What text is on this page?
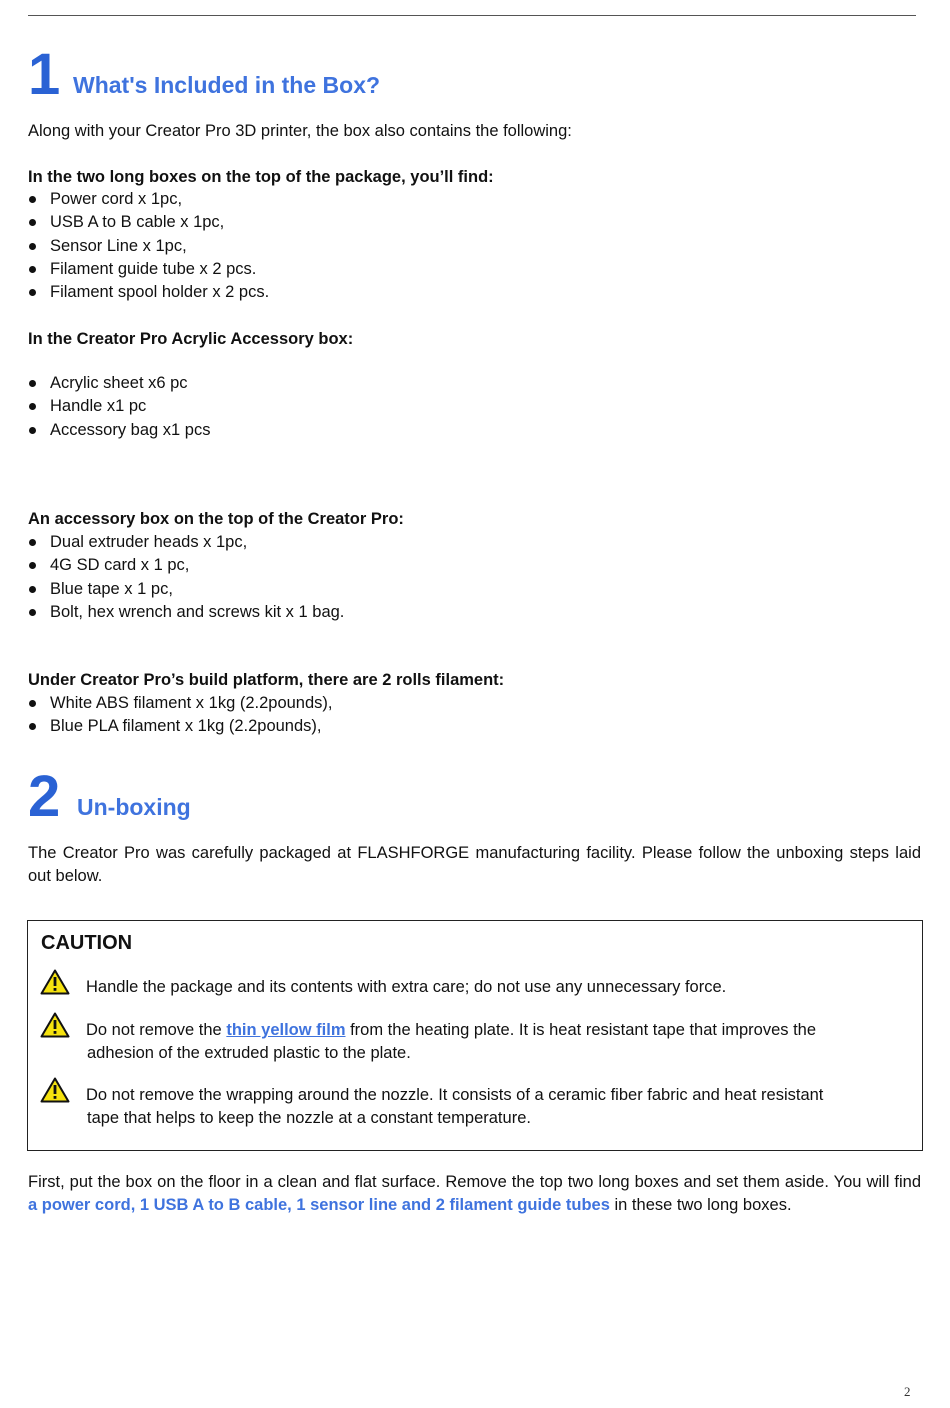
1 What's Included in the Box?

Along with your Creator Pro 3D printer, the box also contains the following:

In the two long boxes on the top of the package, you’ll find:

Power cord x 1pc,
USB A to B cable x 1pc,
Sensor Line x 1pc,
Filament guide tube x 2 pcs.
Filament spool holder x 2 pcs.

In the Creator Pro Acrylic Accessory box:

Acrylic sheet x6 pc
Handle x1 pc
Accessory bag x1 pcs

An accessory box on the top of the Creator Pro:

Dual extruder heads x 1pc,
4G SD card x 1 pc,
Blue tape x 1 pc,
Bolt, hex wrench and screws kit x 1 bag.

Under Creator Pro’s build platform, there are 2 rolls filament:

White ABS filament x 1kg (2.2pounds),
Blue PLA filament x 1kg (2.2pounds),
2 Un-boxing

The Creator Pro was carefully packaged at FLASHFORGE manufacturing facility. Please follow the unboxing steps laid out below.

CAUTION
Handle the package and its contents with extra care; do not use any unnecessary force.
Do not remove the thin yellow film from the heating plate. It is heat resistant tape that improves the
adhesion of the extruded plastic to the plate.
Do not remove the wrapping around the nozzle. It consists of a ceramic fiber fabric and heat resistant
tape that helps to keep the nozzle at a constant temperature.

First, put the box on the floor in a clean and flat surface. Remove the top two long boxes and set them aside. You will find a power cord, 1 USB A to B cable, 1 sensor line and 2 filament guide tubes in these two long boxes.

2
